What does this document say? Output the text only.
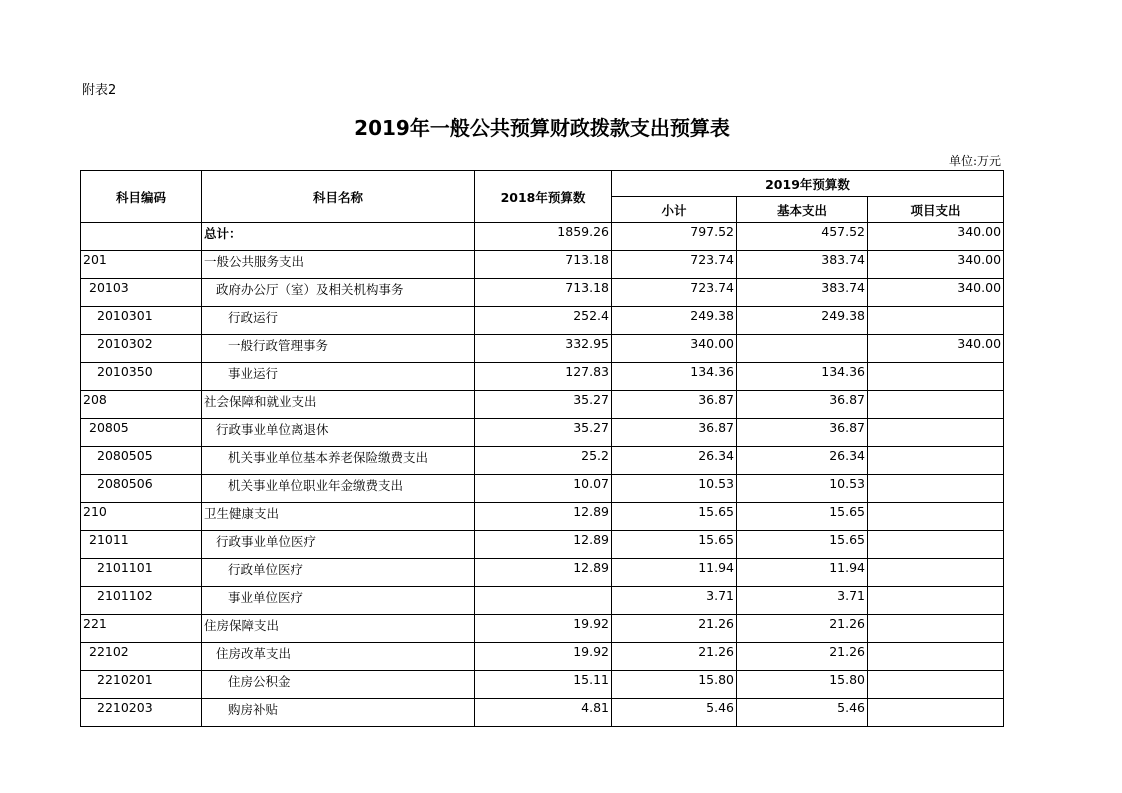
附表2
2019年一般公共预算财政拨款支出预算表
单位:万元
科目编码	科目名称	2018年预算数	2019年预算数		
			小计	基本支出	项目支出
	总计：	1859.26	797.52	457.52	340.00
201	一般公共服务支出	713.18	723.74	383.74	340.00
20103	政府办公厅（室）及相关机构事务	713.18	723.74	383.74	340.00
2010301	行政运行	252.4	249.38	249.38	
2010302	一般行政管理事务	332.95	340.00		340.00
2010350	事业运行	127.83	134.36	134.36	
208	社会保障和就业支出	35.27	36.87	36.87	
20805	行政事业单位离退休	35.27	36.87	36.87	
2080505	机关事业单位基本养老保险缴费支出	25.2	26.34	26.34	
2080506	机关事业单位职业年金缴费支出	10.07	10.53	10.53	
210	卫生健康支出	12.89	15.65	15.65	
21011	行政事业单位医疗	12.89	15.65	15.65	
2101101	行政单位医疗	12.89	11.94	11.94	
2101102	事业单位医疗		3.71	3.71	
221	住房保障支出	19.92	21.26	21.26	
22102	住房改革支出	19.92	21.26	21.26	
2210201	住房公积金	15.11	15.80	15.80	
2210203	购房补贴	4.81	5.46	5.46	
